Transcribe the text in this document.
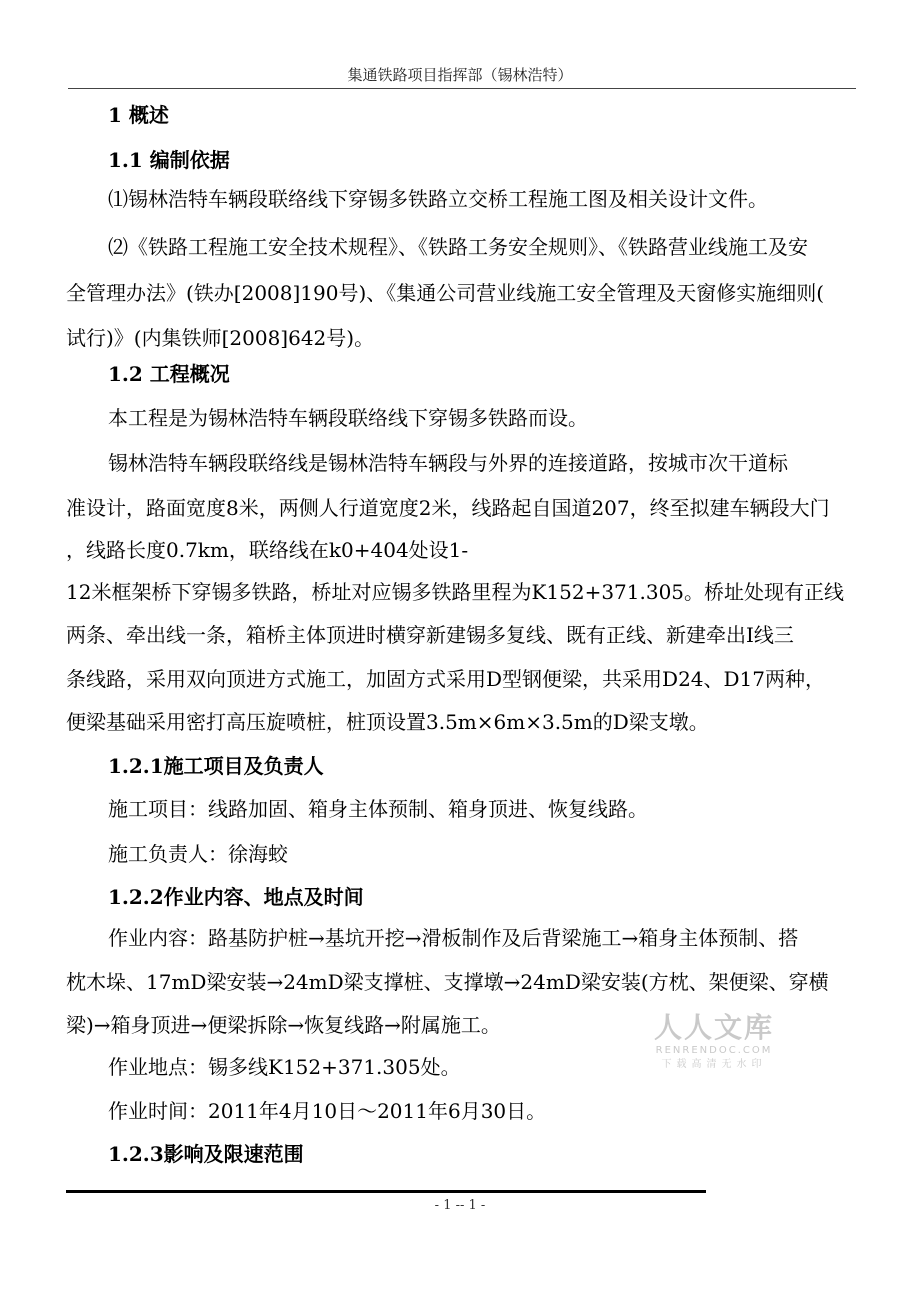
集通铁路项目指挥部（锡林浩特）
1 概述
1.1 编制依据
⑴锡林浩特车辆段联络线下穿锡多铁路立交桥工程施工图及相关设计文件。
⑵《铁路工程施工安全技术规程》、《铁路工务安全规则》、《铁路营业线施工及安
全管理办法》(铁办[2008]190号)、《集通公司营业线施工安全管理及天窗修实施细则(
试行)》(内集铁师[2008]642号)。
1.2 工程概况
本工程是为锡林浩特车辆段联络线下穿锡多铁路而设。
锡林浩特车辆段联络线是锡林浩特车辆段与外界的连接道路，按城市次干道标
准设计，路面宽度8米，两侧人行道宽度2米，线路起自国道207，终至拟建车辆段大门
，线路长度0.7km，联络线在k0+404处设1-
12米框架桥下穿锡多铁路，桥址对应锡多铁路里程为K152+371.305。桥址处现有正线
两条、牵出线一条，箱桥主体顶进时横穿新建锡多复线、既有正线、新建牵出Ⅰ线三
条线路，采用双向顶进方式施工，加固方式采用D型钢便梁，共采用D24、D17两种，
便梁基础采用密打高压旋喷桩，桩顶设置3.5m×6m×3.5m的D梁支墩。
1.2.1施工项目及负责人
施工项目：线路加固、箱身主体预制、箱身顶进、恢复线路。
施工负责人：徐海蛟
1.2.2作业内容、地点及时间
作业内容：路基防护桩→基坑开挖→滑板制作及后背梁施工→箱身主体预制、搭
枕木垛、17mD梁安装→24mD梁支撑桩、支撑墩→24mD梁安装(方枕、架便梁、穿横
梁)→箱身顶进→便梁拆除→恢复线路→附属施工。
作业地点：锡多线K152+371.305处。
作业时间：2011年4月10日～2011年6月30日。
1.2.3影响及限速范围
人人文库
RENRENDOC.COM
下载高清无水印
- 1 -- 1 -
